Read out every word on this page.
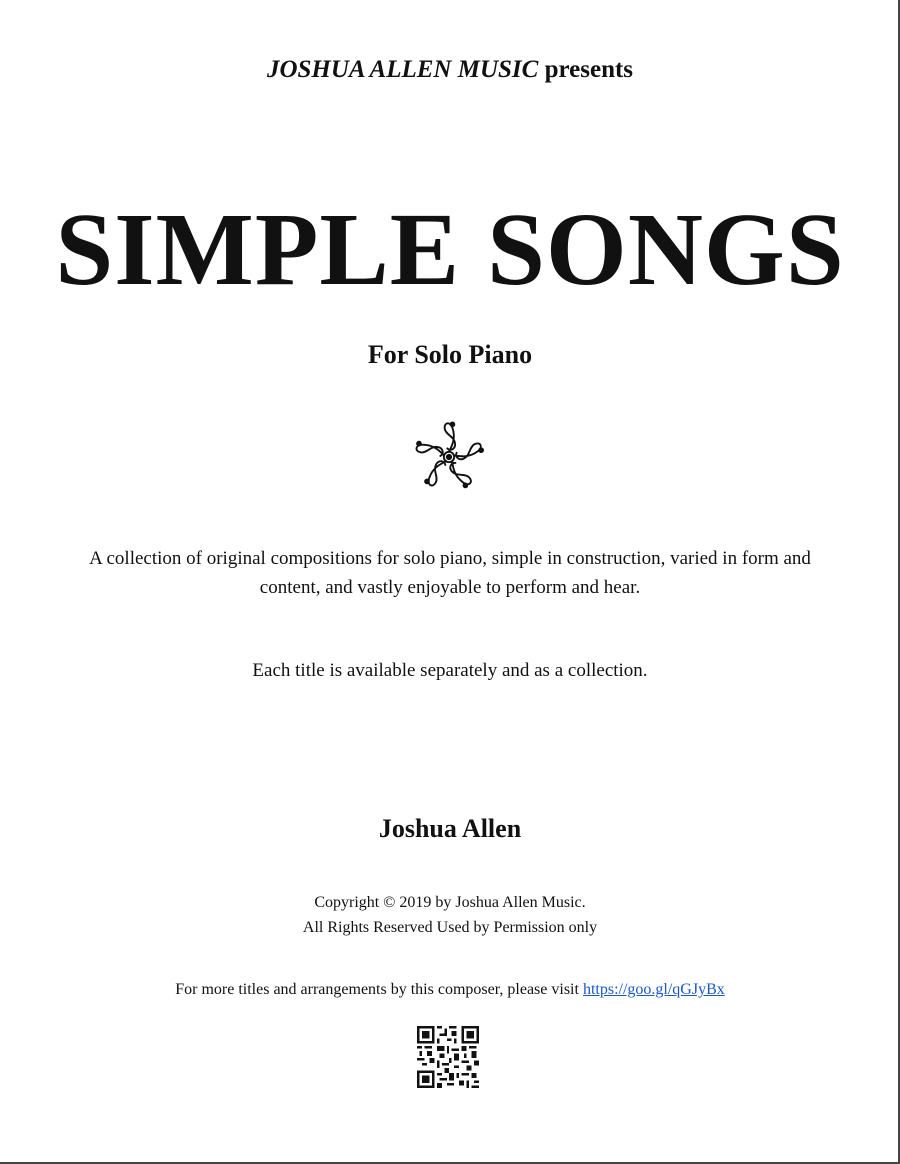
JOSHUA ALLEN MUSIC presents
SIMPLE SONGS
For Solo Piano
A collection of original compositions for solo piano, simple in construction, varied in form and
content, and vastly enjoyable to perform and hear.
Each title is available separately and as a collection.
Joshua Allen
Copyright © 2019 by Joshua Allen Music.
All Rights Reserved Used by Permission only
For more titles and arrangements by this composer, please visit https://goo.gl/qGJyBx
